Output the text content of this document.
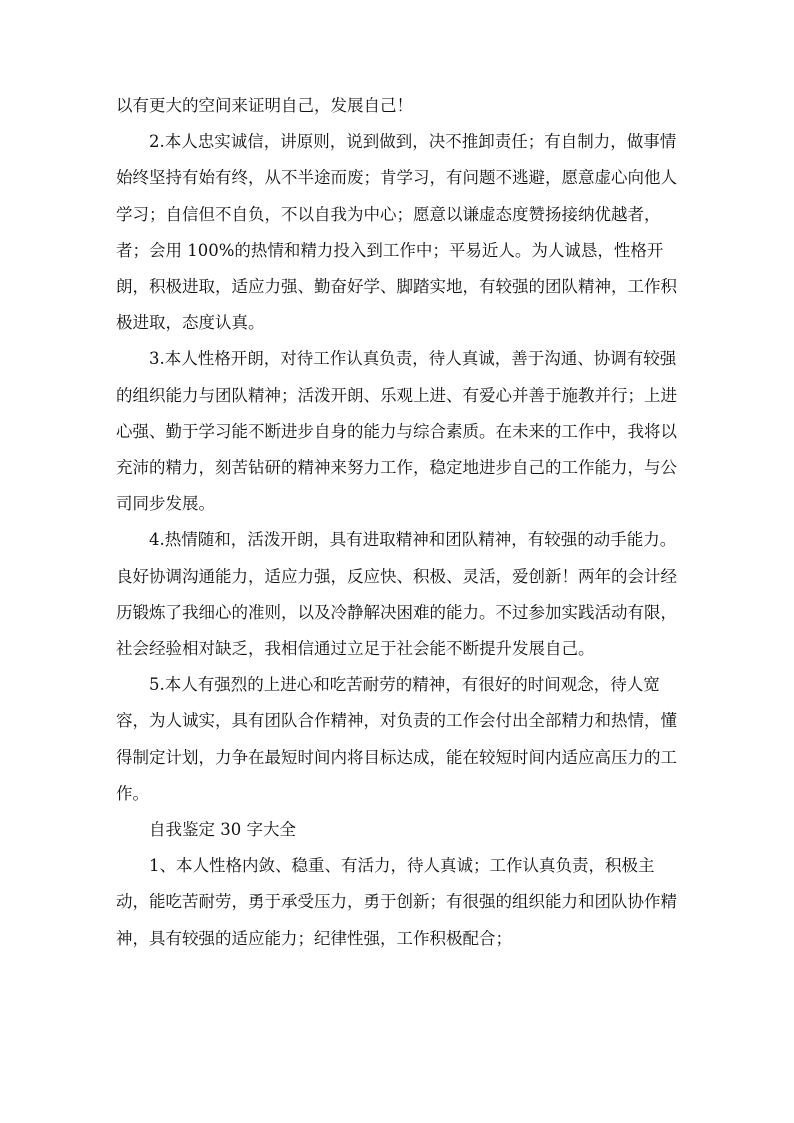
以有更大的空间来证明自己，发展自己！

2.本人忠实诚信，讲原则，说到做到，决不推卸责任；有自制力，做事情始终坚持有始有终，从不半途而废；肯学习，有问题不逃避，愿意虚心向他人学习；自信但不自负，不以自我为中心；愿意以谦虚态度赞扬接纳优越者，者；会用 100%的热情和精力投入到工作中；平易近人。为人诚恳，性格开朗，积极进取，适应力强、勤奋好学、脚踏实地，有较强的团队精神，工作积极进取，态度认真。

3.本人性格开朗，对待工作认真负责，待人真诚，善于沟通、协调有较强的组织能力与团队精神；活泼开朗、乐观上进、有爱心并善于施教并行；上进心强、勤于学习能不断进步自身的能力与综合素质。在未来的工作中，我将以充沛的精力，刻苦钻研的精神来努力工作，稳定地进步自己的工作能力，与公司同步发展。

4.热情随和，活泼开朗，具有进取精神和团队精神，有较强的动手能力。良好协调沟通能力，适应力强，反应快、积极、灵活，爱创新！两年的会计经历锻炼了我细心的准则，以及冷静解决困难的能力。不过参加实践活动有限，社会经验相对缺乏，我相信通过立足于社会能不断提升发展自己。

5.本人有强烈的上进心和吃苦耐劳的精神，有很好的时间观念，待人宽容，为人诚实，具有团队合作精神，对负责的工作会付出全部精力和热情，懂得制定计划，力争在最短时间内将目标达成，能在较短时间内适应高压力的工作。

自我鉴定 30 字大全

1、本人性格内敛、稳重、有活力，待人真诚；工作认真负责，积极主动，能吃苦耐劳，勇于承受压力，勇于创新；有很强的组织能力和团队协作精神，具有较强的适应能力；纪律性强，工作积极配合；
